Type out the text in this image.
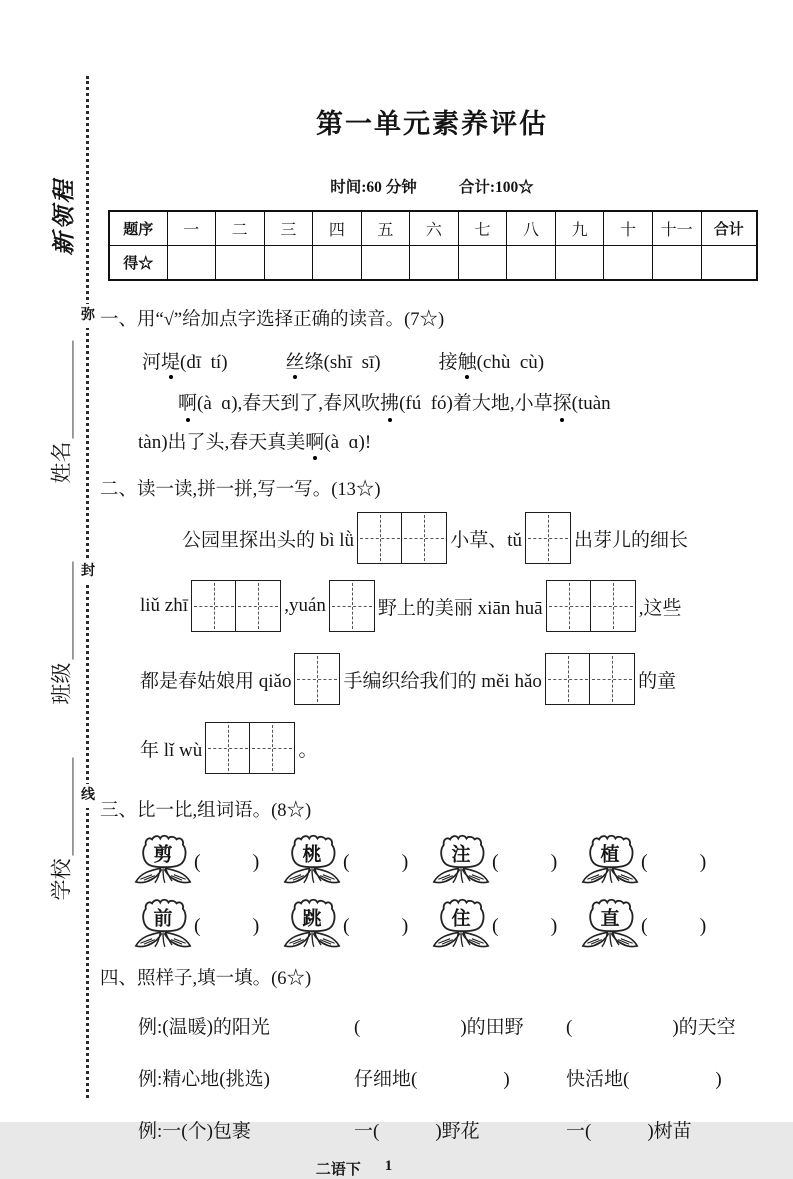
弥
封
线
新领程
姓名
班级
学校
第一单元素养评估
时间:60 分钟	合计:100☆
题序	一	二	三	四	五	六	七	八	九	十	十一	合计
得☆												

一、用“√”给加点字选择正确的读音。(7☆)

河堤(dī  tí)	丝绦(shī  sī)	接触(chù  cù)

啊(à  ɑ),春天到了,春风吹拂(fú  fó)着大地,小草探(tuàn

tàn)出了头,春天真美啊(à  ɑ)!

二、读一读,拼一拼,写一写。(13☆)

公园里探出头的 bì lǜ	小草、tǔ	出芽儿的细长
liǔ zhī	,yuán	野上的美丽 xiān huā	,这些
都是春姑娘用 qiǎo	手编织给我们的 měi hǎo	的童
年 lǐ wù	。

三、比一比,组词语。(8☆)

剪 (	) 桃 (	) 注 (	) 植 (	)
前 (	) 跳 (	) 住 (	) 直 (	)

四、照样子,填一填。(6☆)

例:(温暖)的阳光	(	)的田野	(	)的天空
例:精心地(挑选)	仔细地(	)	快活地(	)
例:一(个)包裹	一(	)野花	一(	)树苗
二语下 1
